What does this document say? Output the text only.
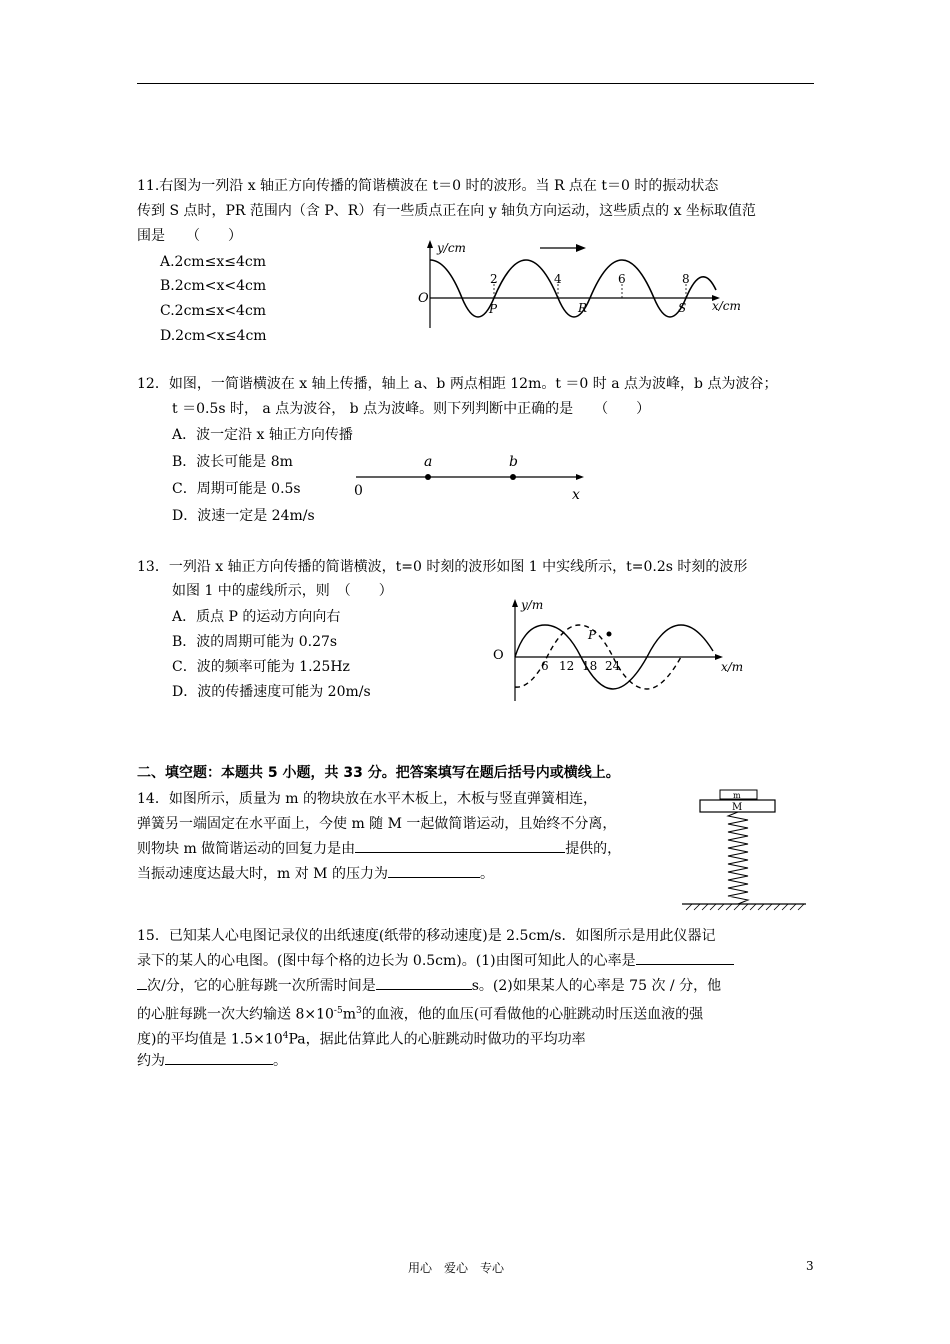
11.右图为一列沿 x 轴正方向传播的简谐横波在 t＝0 时的波形。当 R 点在 t＝0 时的振动状态
传到 S 点时，PR 范围内（含 P、R）有一些质点正在向 y 轴负方向运动，这些质点的 x 坐标取值范
围是　　（　　）
A.2cm≤x≤4cm
B.2cm<x<4cm
C.2cm≤x<4cm
D.2cm<x≤4cm
y/cm
x/cm
O
2	4	6	8
P	R	S
12．如图，一简谐横波在 x 轴上传播，轴上 a、b 两点相距 12m。t ＝0 时 a 点为波峰，b 点为波谷；
t ＝0.5s 时， a 点为波谷， b 点为波峰。则下列判断中正确的是　　（　　）
A．波一定沿 x 轴正方向传播
B．波长可能是 8m
C．周期可能是 0.5s
D．波速一定是 24m/s
a	b
0	x
13．一列沿 x 轴正方向传播的简谐横波，t=0 时刻的波形如图 1 中实线所示，t=0.2s 时刻的波形
如图 1 中的虚线所示，则　（　　）
A．质点 P 的运动方向向右
B．波的周期可能为 0.27s
C．波的频率可能为 1.25Hz
D．波的传播速度可能为 20m/s
y/m
x/m
O
P
6 12 18 24
二、填空题：本题共 5 小题，共 33 分。把答案填写在题后括号内或横线上。
14．如图所示，质量为 m 的物块放在水平木板上，木板与竖直弹簧相连，
弹簧另一端固定在水平面上，今使 m 随 M 一起做简谐运动，且始终不分离，
则物块 m 做简谐运动的回复力是由	提供的，
当振动速度达最大时，m 对 M 的压力为	。
m
M
15．已知某人心电图记录仪的出纸速度(纸带的移动速度)是 2.5cm/s．如图所示是用此仪器记
录下的某人的心电图。(图中每个格的边长为 0.5cm)。(1)由图可知此人的心率是
次/分，它的心脏每跳一次所需时间是	s。(2)如果某人的心率是 75 次 / 分，他
的心脏每跳一次大约输送 $8\times 10^{-5}m^3$的血液，他的血压(可看做他的心脏跳动时压送血液的强
度)的平均值是 $1.5\times 10^4Pa$，据此估算此人的心脏跳动时做功的平均功率
约为	。
用心　爱心　专心	3
